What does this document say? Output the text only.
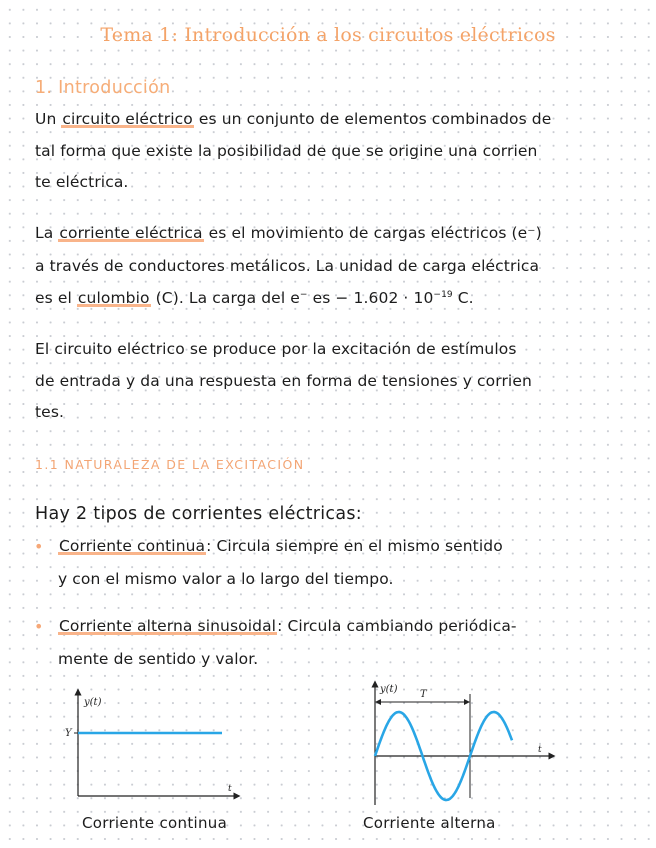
Tema 1: Introducción a los circuitos eléctricos
1. Introducción
Un circuito eléctrico es un conjunto de elementos combinados de
tal forma que existe la posibilidad de que se origine una corrien
te eléctrica.
La corriente eléctrica es el movimiento de cargas eléctricos (e⁻)
a través de conductores metálicos. La unidad de carga eléctrica
es el culombio (C). La carga del e− es − $1.602 \cdot 10^{-19}$ C.
El circuito eléctrico se produce por la excitación de estímulos
de entrada y da una respuesta en forma de tensiones y corrien
tes.
1.1 NATURALEZA DE LA EXCITACIÓN
Hay 2 tipos de corrientes eléctricas:
• Corriente continua: Circula siempre en el mismo sentido
y con el mismo valor a lo largo del tiempo.
• Corriente alterna sinusoidal: Circula cambiando periódica-
mente de sentido y valor.
y(t)
Y
t
Corriente continua
y(t) T
t
Corriente alterna
